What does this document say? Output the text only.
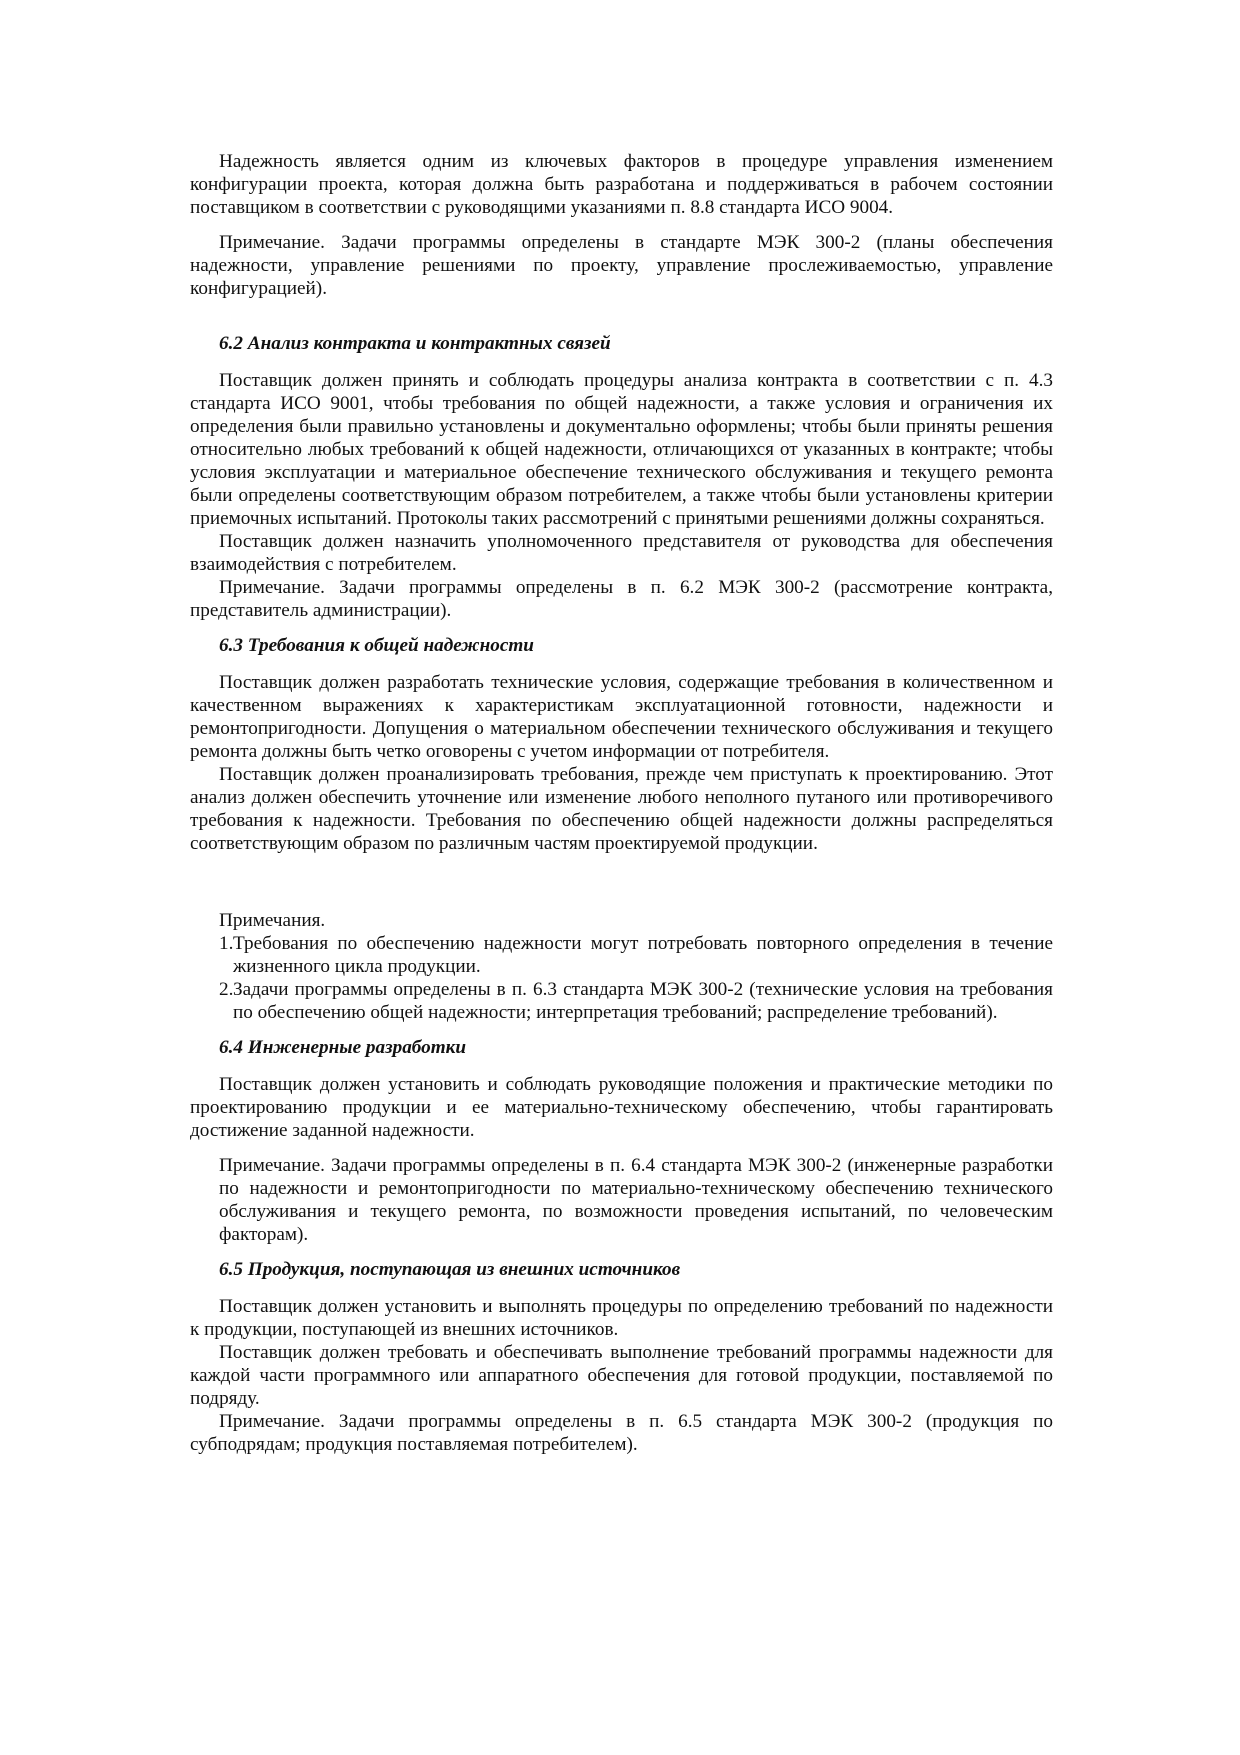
Надежность является одним из ключевых факторов в процедуре управления изменением конфигурации проекта, которая должна быть разработана и поддерживаться в рабочем состоянии поставщиком в соответствии с руководящими указаниями п. 8.8 стандарта ИСО 9004.

Примечание. Задачи программы определены в стандарте МЭК 300-2 (планы обеспечения надежности, управление решениями по проекту, управление прослеживаемостью, управление конфигурацией).

6.2 Анализ контракта и контрактных связей

Поставщик должен принять и соблюдать процедуры анализа контракта в соответствии с п. 4.3 стандарта ИСО 9001, чтобы требования по общей надежности, а также условия и ограничения их определения были правильно установлены и документально оформлены; чтобы были приняты решения относительно любых требований к общей надежности, отличающихся от указанных в контракте; чтобы условия эксплуатации и материальное обеспечение технического обслуживания и текущего ремонта были определены соответствующим образом потребителем, а также чтобы были установлены критерии приемочных испытаний. Протоколы таких рассмотрений с принятыми решениями должны сохраняться.

Поставщик должен назначить уполномоченного представителя от руководства для обеспечения взаимодействия с потребителем.

Примечание. Задачи программы определены в п. 6.2 МЭК 300-2 (рассмотрение контракта, представитель администрации).

6.3 Требования к общей надежности

Поставщик должен разработать технические условия, содержащие требования в количественном и качественном выражениях к характеристикам эксплуатационной готовности, надежности и ремонтопригодности. Допущения о материальном обеспечении технического обслуживания и текущего ремонта должны быть четко оговорены с учетом информации от потребителя.

Поставщик должен проанализировать требования, прежде чем приступать к проектированию. Этот анализ должен обеспечить уточнение или изменение любого неполного путаного или противоречивого требования к надежности. Требования по обеспечению общей надежности должны распределяться соответствующим образом по различным частям проектируемой продукции.

Примечания.

1. Требования по обеспечению надежности могут потребовать повторного определения в течение жизненного цикла продукции.
2. Задачи программы определены в п. 6.3 стандарта МЭК 300-2 (технические условия на требования по обеспечению общей надежности; интерпретация требований; распределение требований).

6.4 Инженерные разработки

Поставщик должен установить и соблюдать руководящие положения и практические методики по проектированию продукции и ее материально-техническому обеспечению, чтобы гарантировать достижение заданной надежности.

Примечание. Задачи программы определены в п. 6.4 стандарта МЭК 300-2 (инженерные разработки по надежности и ремонтопригодности по материально-техническому обеспечению технического обслуживания и текущего ремонта, по возможности проведения испытаний, по человеческим факторам).

6.5 Продукция, поступающая из внешних источников

Поставщик должен установить и выполнять процедуры по определению требований по надежности к продукции, поступающей из внешних источников.

Поставщик должен требовать и обеспечивать выполнение требований программы надежности для каждой части программного или аппаратного обеспечения для готовой продукции, поставляемой по подряду.

Примечание. Задачи программы определены в п. 6.5 стандарта МЭК 300-2 (продукция по субподрядам; продукция поставляемая потребителем).
